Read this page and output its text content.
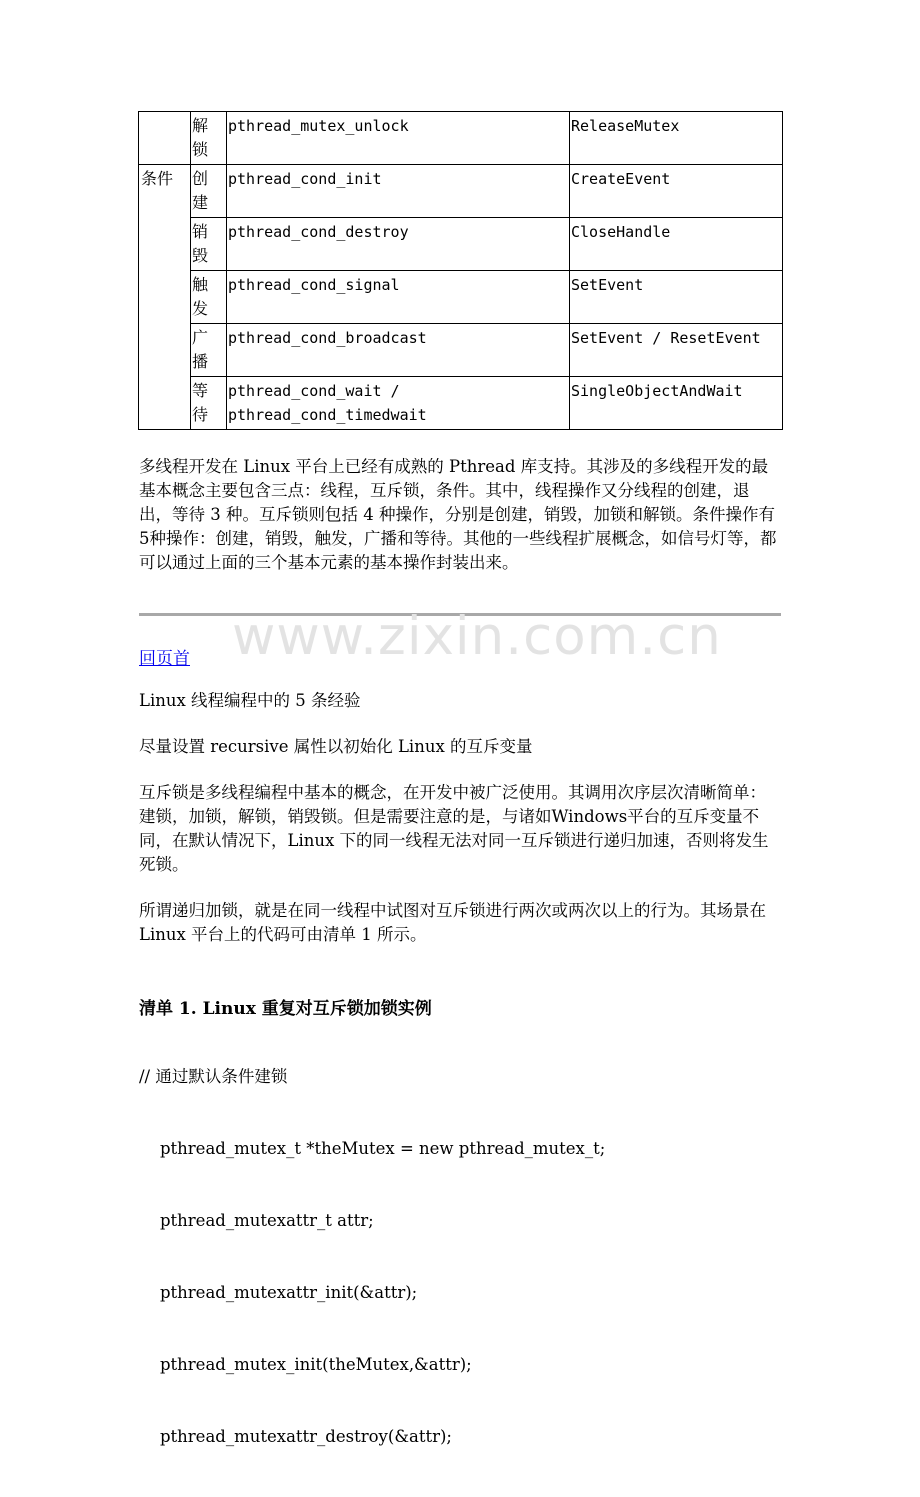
	解锁	pthread_mutex_unlock	ReleaseMutex
条件	创建	pthread_cond_init	CreateEvent

	销毁	pthread_cond_destroy	CloseHandle

	触发	pthread_cond_signal	SetEvent

	广播	pthread_cond_broadcast	SetEvent / ResetEvent

	等待	pthread_cond_wait /
pthread_cond_timedwait	SingleObjectAndWait

多线程开发在 Linux 平台上已经有成熟的 Pthread 库支持。其涉及的多线程开发的最基本概念主要包含三点：线程，互斥锁，条件。其中，线程操作又分线程的创建，退出，等待 3 种。互斥锁则包括 4 种操作，分别是创建，销毁，加锁和解锁。条件操作有5种操作：创建，销毁，触发，广播和等待。其他的一些线程扩展概念，如信号灯等，都可以通过上面的三个基本元素的基本操作封装出来。

www.zixin.com.cn
回页首

Linux 线程编程中的 5 条经验

尽量设置 recursive 属性以初始化 Linux 的互斥变量

互斥锁是多线程编程中基本的概念，在开发中被广泛使用。其调用次序层次清晰简单：建锁，加锁，解锁，销毁锁。但是需要注意的是，与诸如Windows平台的互斥变量不同，在默认情况下，Linux 下的同一线程无法对同一互斥锁进行递归加速，否则将发生死锁。

所谓递归加锁，就是在同一线程中试图对互斥锁进行两次或两次以上的行为。其场景在 Linux 平台上的代码可由清单 1 所示。

清单 1. Linux 重复对互斥锁加锁实例

// 通过默认条件建锁

pthread_mutex_t *theMutex = new pthread_mutex_t;

pthread_mutexattr_t attr;

pthread_mutexattr_init(&attr);

pthread_mutex_init(theMutex,&attr);

pthread_mutexattr_destroy(&attr);
